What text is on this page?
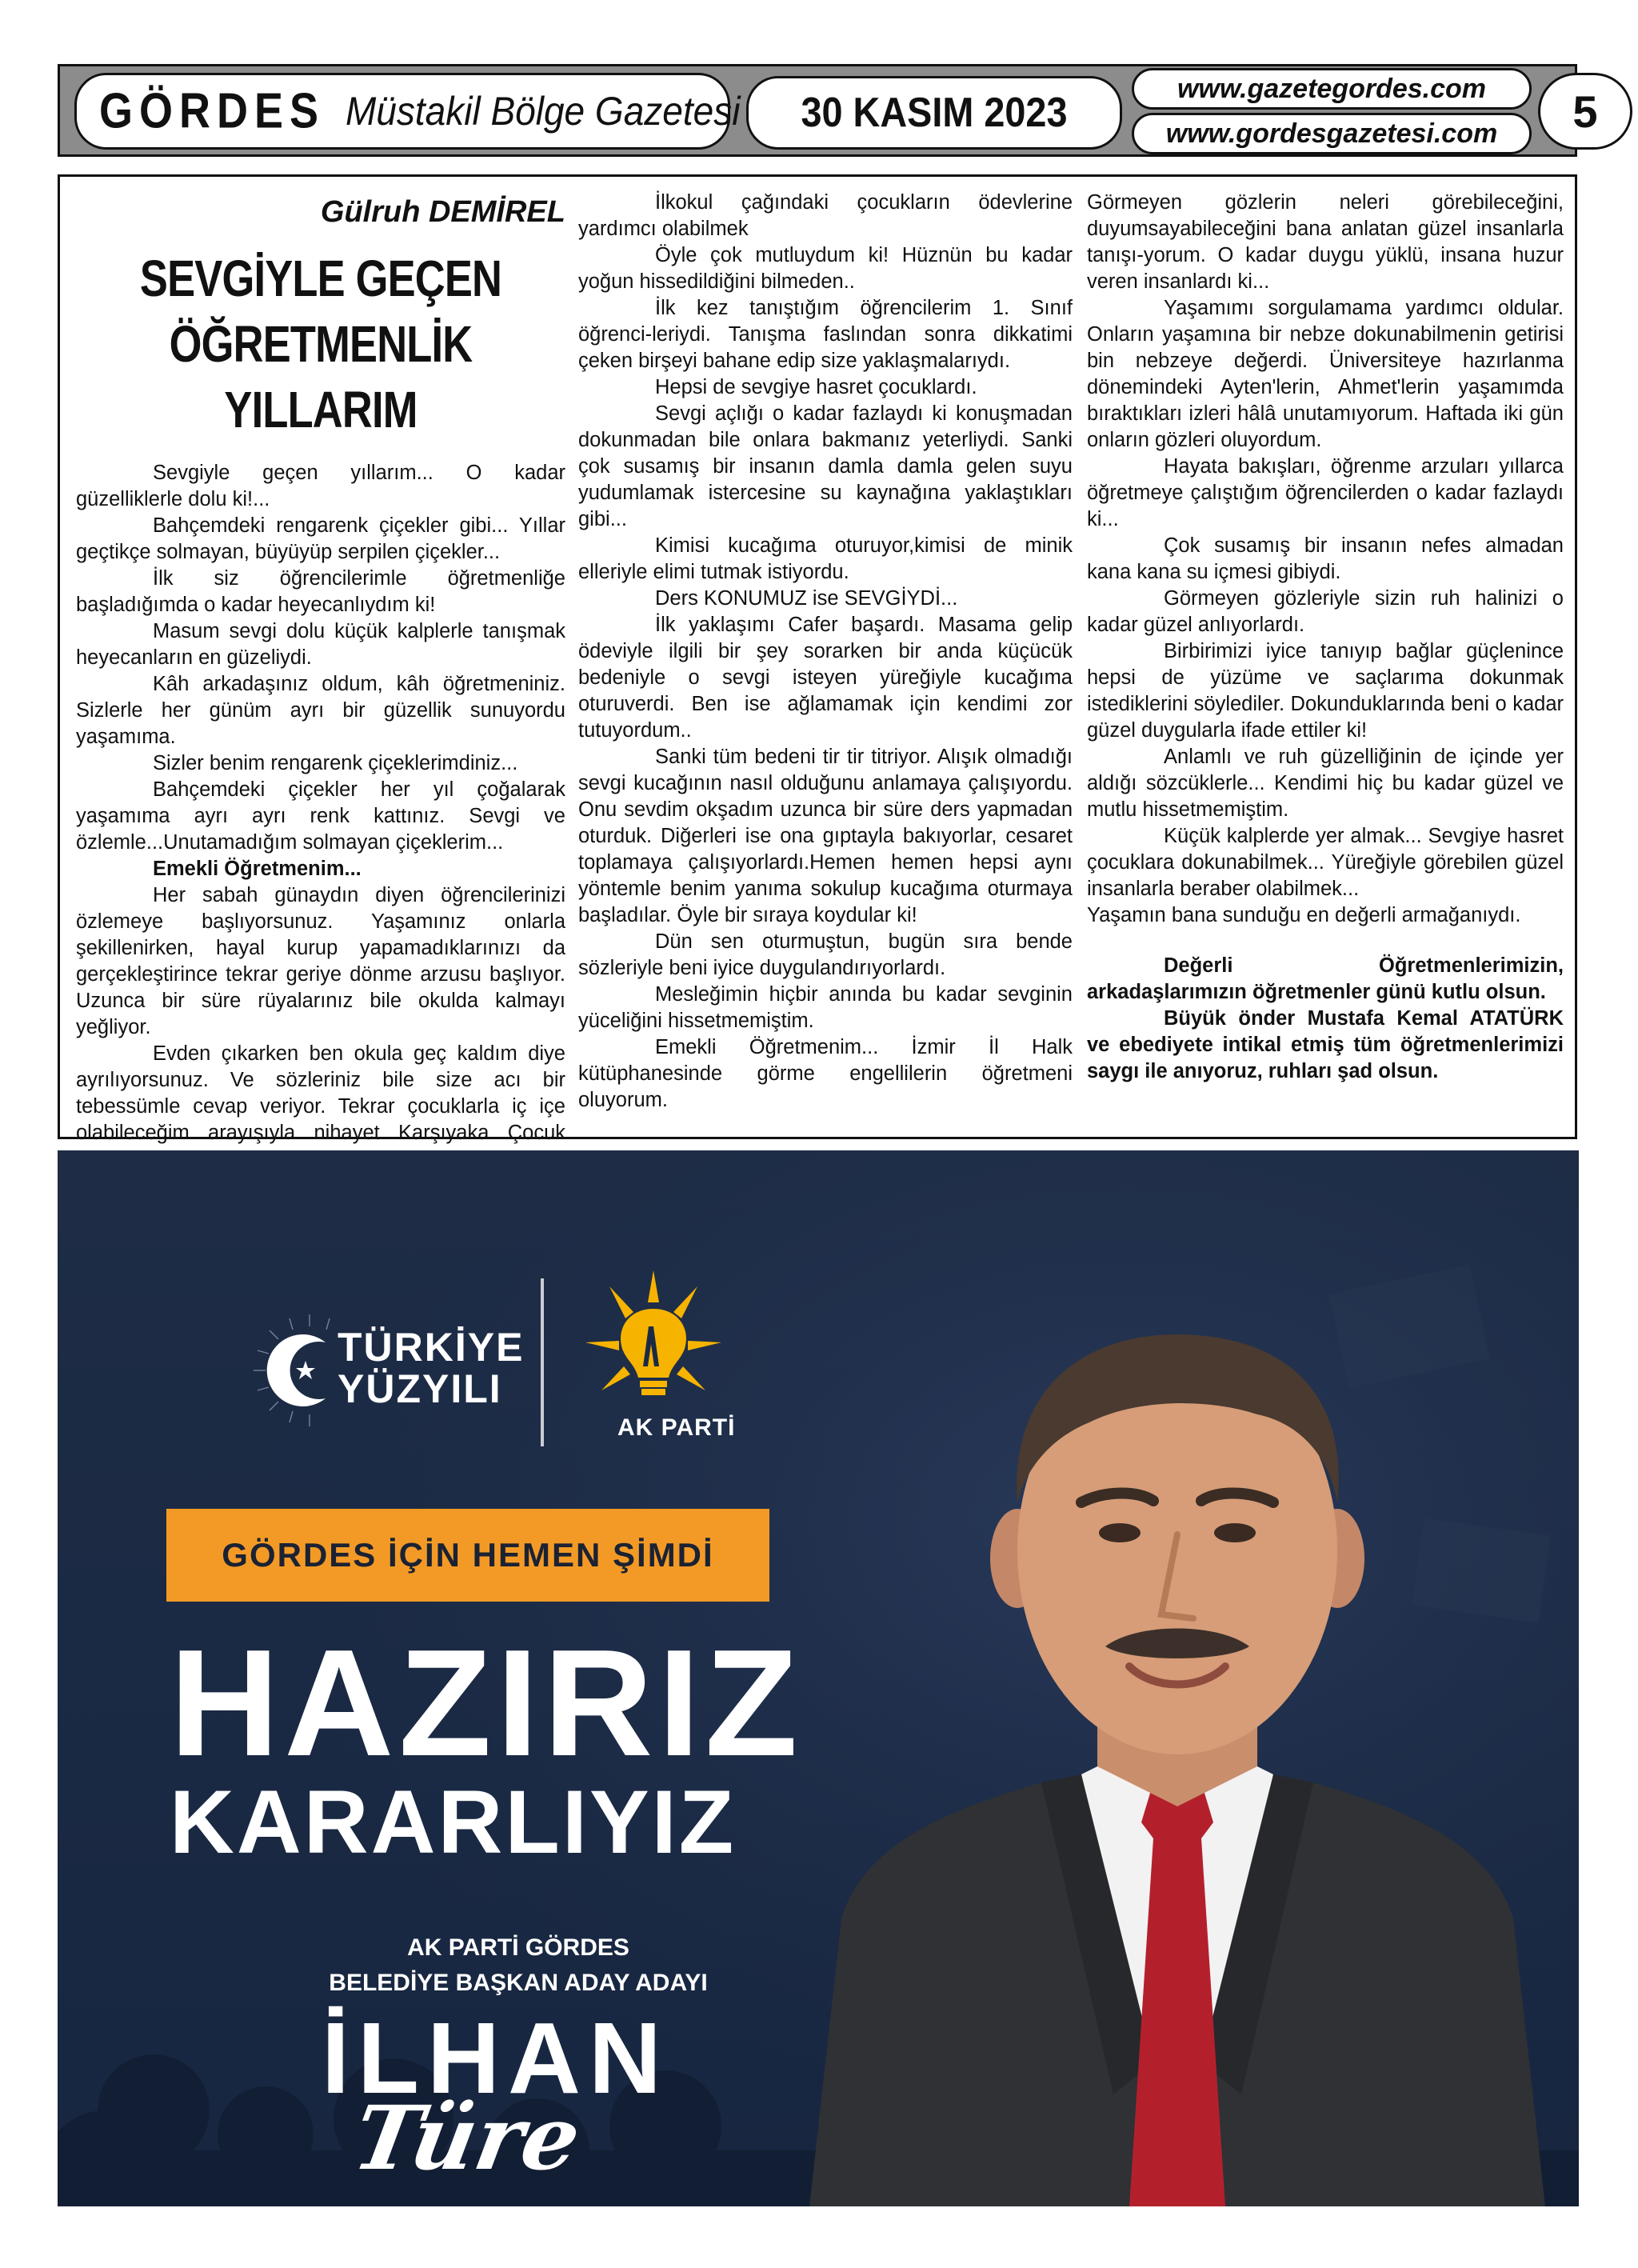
GÖRDES Müstakil Bölge Gazetesi 30 KASIM 2023
www.gazetegordes.com
www.gordesgazetesi.com 5
Gülruh DEMİREL
SEVGİYLE GEÇEN
ÖĞRETMENLİK YILLARIM

Sevgiyle geçen yıllarım... O kadar güzelliklerle dolu ki!...

Bahçemdeki rengarenk çiçekler gibi... Yıllar geçtikçe solmayan, büyüyüp serpilen çiçekler...

İlk siz öğrencilerimle öğretmenliğe başladığımda o kadar heyecanlıydım ki!

Masum sevgi dolu küçük kalplerle tanışmak heyecanların en güzeliydi.

Kâh arkadaşınız oldum, kâh öğretmeniniz. Sizlerle her günüm ayrı bir güzellik sunuyordu yaşamıma.

Sizler benim rengarenk çiçeklerimdiniz...

Bahçemdeki çiçekler her yıl çoğalarak yaşamıma ayrı ayrı renk kattınız. Sevgi ve özlemle...Unutamadığım solmayan çiçeklerim...

Emekli Öğretmenim...

Her sabah günaydın diyen öğrencilerinizi özlemeye başlıyorsunuz. Yaşamınız onlarla şekillenirken, hayal kurup yapamadıklarınızı da gerçekleştirince tekrar geriye dönme arzusu başlıyor. Uzunca bir süre rüyalarınız bile okulda kalmayı yeğliyor.

Evden çıkarken ben okula geç kaldım diye ayrılıyorsunuz. Ve sözleriniz bile size acı bir tebessümle cevap veriyor. Tekrar çocuklarla iç içe olabileceğim arayışıyla nihayet Karşıyaka Çocuk

İlkokul çağındaki çocukların ödevlerine yardımcı olabilmek

Öyle çok mutluydum ki! Hüznün bu kadar yoğun hissedildiğini bilmeden..

İlk kez tanıştığım öğrencilerim 1. Sınıf öğrenci-leriydi. Tanışma faslından sonra dikkatimi çeken birşeyi bahane edip size yaklaşmalarıydı.

Hepsi de sevgiye hasret çocuklardı.

Sevgi açlığı o kadar fazlaydı ki konuşmadan dokunmadan bile onlara bakmanız yeterliydi. Sanki çok susamış bir insanın damla damla gelen suyu yudumlamak istercesine su kaynağına yaklaştıkları gibi...

Kimisi kucağıma oturuyor,kimisi de minik elleriyle elimi tutmak istiyordu.

Ders KONUMUZ ise SEVGİYDİ...

İlk yaklaşımı Cafer başardı. Masama gelip ödeviyle ilgili bir şey sorarken bir anda küçücük bedeniyle o sevgi isteyen yüreğiyle kucağıma oturuverdi. Ben ise ağlamamak için kendimi zor tutuyordum..

Sanki tüm bedeni tir tir titriyor. Alışık olmadığı sevgi kucağının nasıl olduğunu anlamaya çalışıyordu. Onu sevdim okşadım uzunca bir süre ders yapmadan oturduk. Diğerleri ise ona gıptayla bakıyorlar, cesaret toplamaya çalışıyorlardı.Hemen hemen hepsi aynı yöntemle benim yanıma sokulup kucağıma oturmaya başladılar. Öyle bir sıraya koydular ki!

Dün sen oturmuştun, bugün sıra bende sözleriyle beni iyice duygulandırıyorlardı.

Mesleğimin hiçbir anında bu kadar sevginin yüceliğini hissetmemiştim.

Emekli Öğretmenim... İzmir İl Halk kütüphanesinde görme engellilerin öğretmeni oluyorum.

Görmeyen gözlerin neleri görebileceğini, duyumsayabileceğini bana anlatan güzel insanlarla tanışı-yorum. O kadar duygu yüklü, insana huzur veren insanlardı ki...

Yaşamımı sorgulamama yardımcı oldular. Onların yaşamına bir nebze dokunabilmenin getirisi bin nebzeye değerdi. Üniversiteye hazırlanma dönemindeki Ayten'lerin, Ahmet'lerin yaşamımda bıraktıkları izleri hâlâ unutamıyorum. Haftada iki gün onların gözleri oluyordum.

Hayata bakışları, öğrenme arzuları yıllarca öğretmeye çalıştığım öğrencilerden o kadar fazlaydı ki...

Çok susamış bir insanın nefes almadan kana kana su içmesi gibiydi.

Görmeyen gözleriyle sizin ruh halinizi o kadar güzel anlıyorlardı.

Birbirimizi iyice tanıyıp bağlar güçlenince hepsi de yüzüme ve saçlarıma dokunmak istediklerini söylediler. Dokunduklarında beni o kadar güzel duygularla ifade ettiler ki!

Anlamlı ve ruh güzelliğinin de içinde yer aldığı sözcüklerle... Kendimi hiç bu kadar güzel ve mutlu hissetmemiştim.

Küçük kalplerde yer almak... Sevgiye hasret çocuklara dokunabilmek... Yüreğiyle görebilen güzel insanlarla beraber olabilmek...

Yaşamın bana sunduğu en değerli armağanıydı.

Değerli Öğretmenlerimizin, arkadaşlarımızın öğretmenler günü kutlu olsun.

Büyük önder Mustafa Kemal ATATÜRK ve ebediyete intikal etmiş tüm öğretmenlerimizi saygı ile anıyoruz, ruhları şad olsun.

TÜRKİYE
YÜZYILI
AK PARTİ
GÖRDES İÇİN HEMEN ŞİMDİ
HAZIRIZ
KARARLIYIZ
AK PARTİ GÖRDES
BELEDİYE BAŞKAN ADAY ADAYI
İLHAN
Türe
